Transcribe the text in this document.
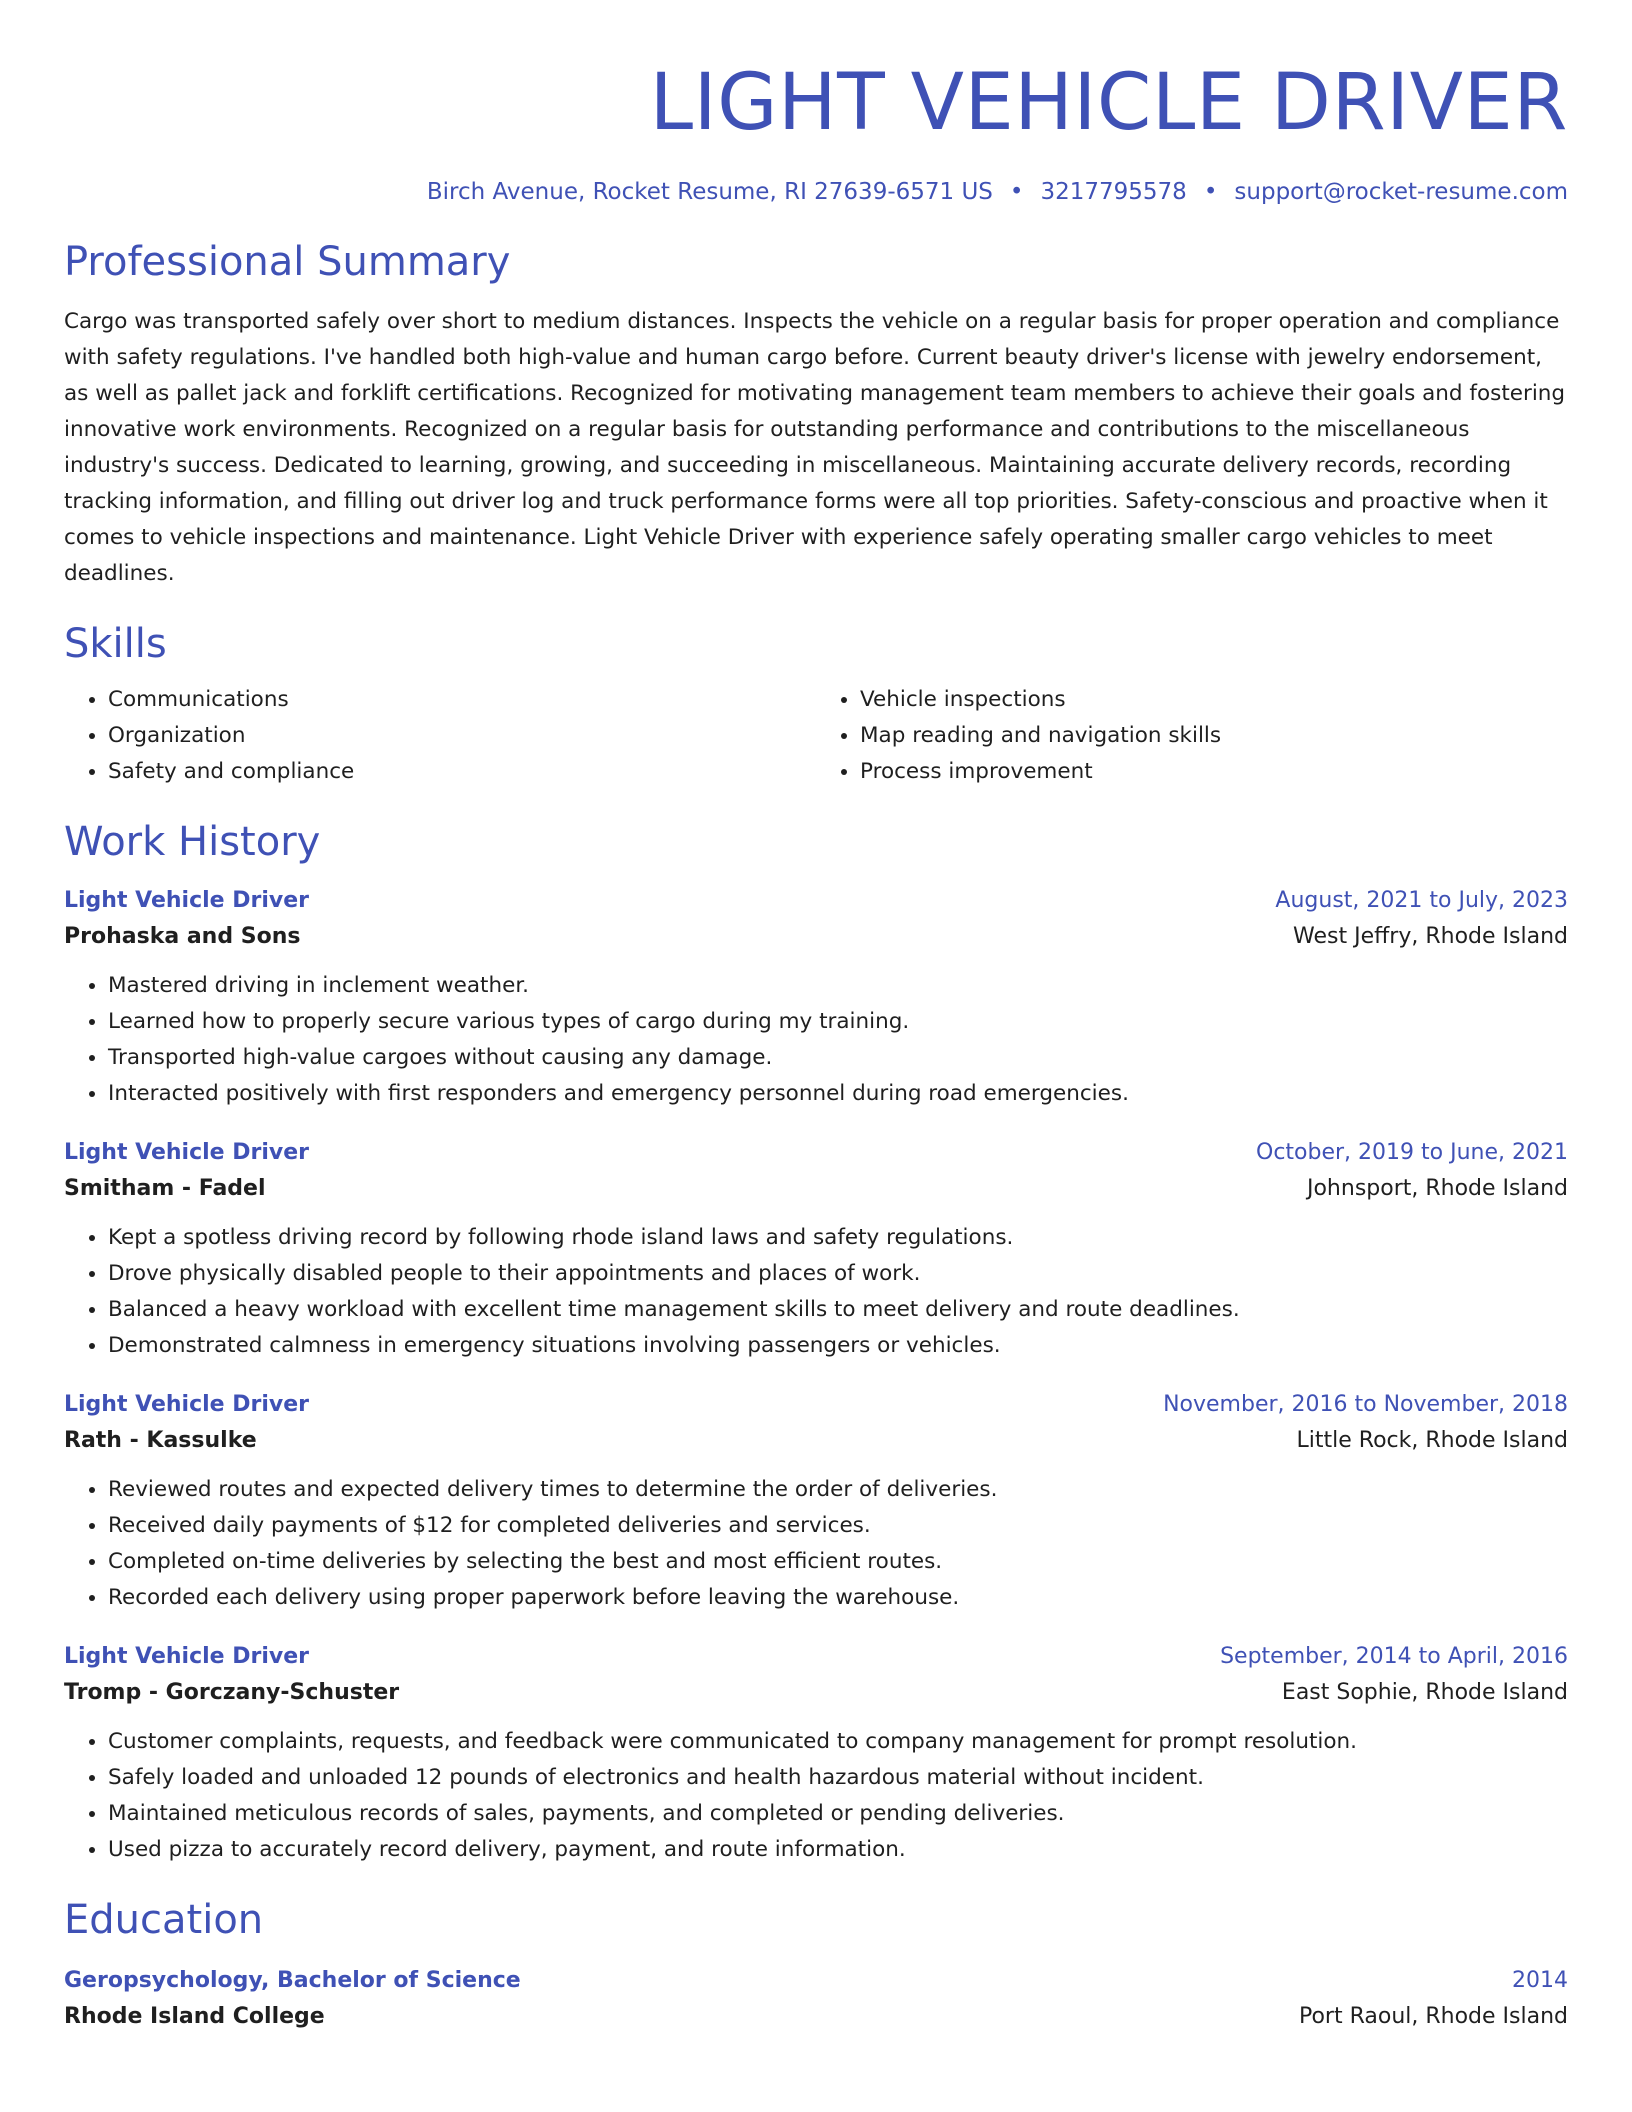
LIGHT VEHICLE DRIVER
Birch Avenue, Rocket Resume, RI 27639-6571 US • 3217795578 • support@rocket-resume.com
Professional Summary
Cargo was transported safely over short to medium distances. Inspects the vehicle on a regular basis for proper operation and compliance with safety regulations. I've handled both high-value and human cargo before. Current beauty driver's license with jewelry endorsement, as well as pallet jack and forklift certifications. Recognized for motivating management team members to achieve their goals and fostering innovative work environments. Recognized on a regular basis for outstanding performance and contributions to the miscellaneous industry's success. Dedicated to learning, growing, and succeeding in miscellaneous. Maintaining accurate delivery records, recording tracking information, and filling out driver log and truck performance forms were all top priorities. Safety-conscious and proactive when it comes to vehicle inspections and maintenance. Light Vehicle Driver with experience safely operating smaller cargo vehicles to meet deadlines.
Skills
• Communications
• Organization
• Safety and compliance
• Vehicle inspections
• Map reading and navigation skills
• Process improvement
Work History
Light Vehicle Driver	August, 2021 to July, 2023
Prohaska and Sons	West Jeffry, Rhode Island
• Mastered driving in inclement weather.
• Learned how to properly secure various types of cargo during my training.
• Transported high-value cargoes without causing any damage.
• Interacted positively with first responders and emergency personnel during road emergencies.
Light Vehicle Driver	October, 2019 to June, 2021
Smitham - Fadel	Johnsport, Rhode Island
• Kept a spotless driving record by following rhode island laws and safety regulations.
• Drove physically disabled people to their appointments and places of work.
• Balanced a heavy workload with excellent time management skills to meet delivery and route deadlines.
• Demonstrated calmness in emergency situations involving passengers or vehicles.
Light Vehicle Driver	November, 2016 to November, 2018
Rath - Kassulke	Little Rock, Rhode Island
• Reviewed routes and expected delivery times to determine the order of deliveries.
• Received daily payments of $12 for completed deliveries and services.
• Completed on-time deliveries by selecting the best and most efficient routes.
• Recorded each delivery using proper paperwork before leaving the warehouse.
Light Vehicle Driver	September, 2014 to April, 2016
Tromp - Gorczany-Schuster	East Sophie, Rhode Island
• Customer complaints, requests, and feedback were communicated to company management for prompt resolution.
• Safely loaded and unloaded 12 pounds of electronics and health hazardous material without incident.
• Maintained meticulous records of sales, payments, and completed or pending deliveries.
• Used pizza to accurately record delivery, payment, and route information.
Education
Geropsychology, Bachelor of Science	2014
Rhode Island College	Port Raoul, Rhode Island
